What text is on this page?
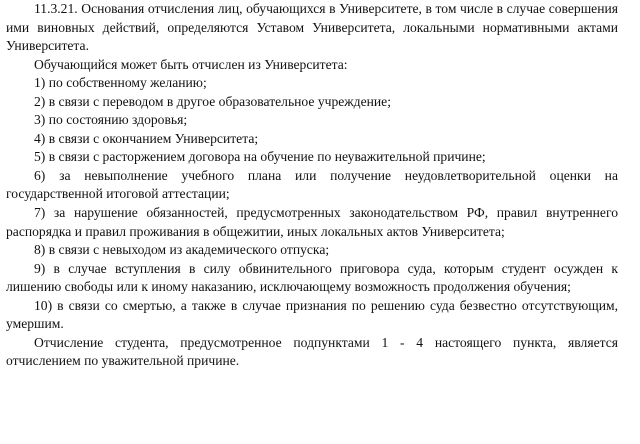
11.3.21. Основания отчисления лиц, обучающихся в Университете, в том числе в случае совершения ими виновных действий, определяются Уставом Университета, локальными нормативными актами Университета.

Обучающийся может быть отчислен из Университета:

1) по собственному желанию;

2) в связи с переводом в другое образовательное учреждение;

3) по состоянию здоровья;

4) в связи с окончанием Университета;

5) в связи с расторжением договора на обучение по неуважительной причине;

6) за невыполнение учебного плана или получение неудовлетворительной оценки на государственной итоговой аттестации;

7) за нарушение обязанностей, предусмотренных законодательством РФ, правил внутреннего распорядка и правил проживания в общежитии, иных локальных актов Университета;

8) в связи с невыходом из академического отпуска;

9) в случае вступления в силу обвинительного приговора суда, которым студент осужден к лишению свободы или к иному наказанию, исключающему возможность продолжения обучения;

10) в связи со смертью, а также в случае признания по решению суда безвестно отсутствующим, умершим.

Отчисление студента, предусмотренное подпунктами 1 - 4 настоящего пункта, является отчислением по уважительной причине.
